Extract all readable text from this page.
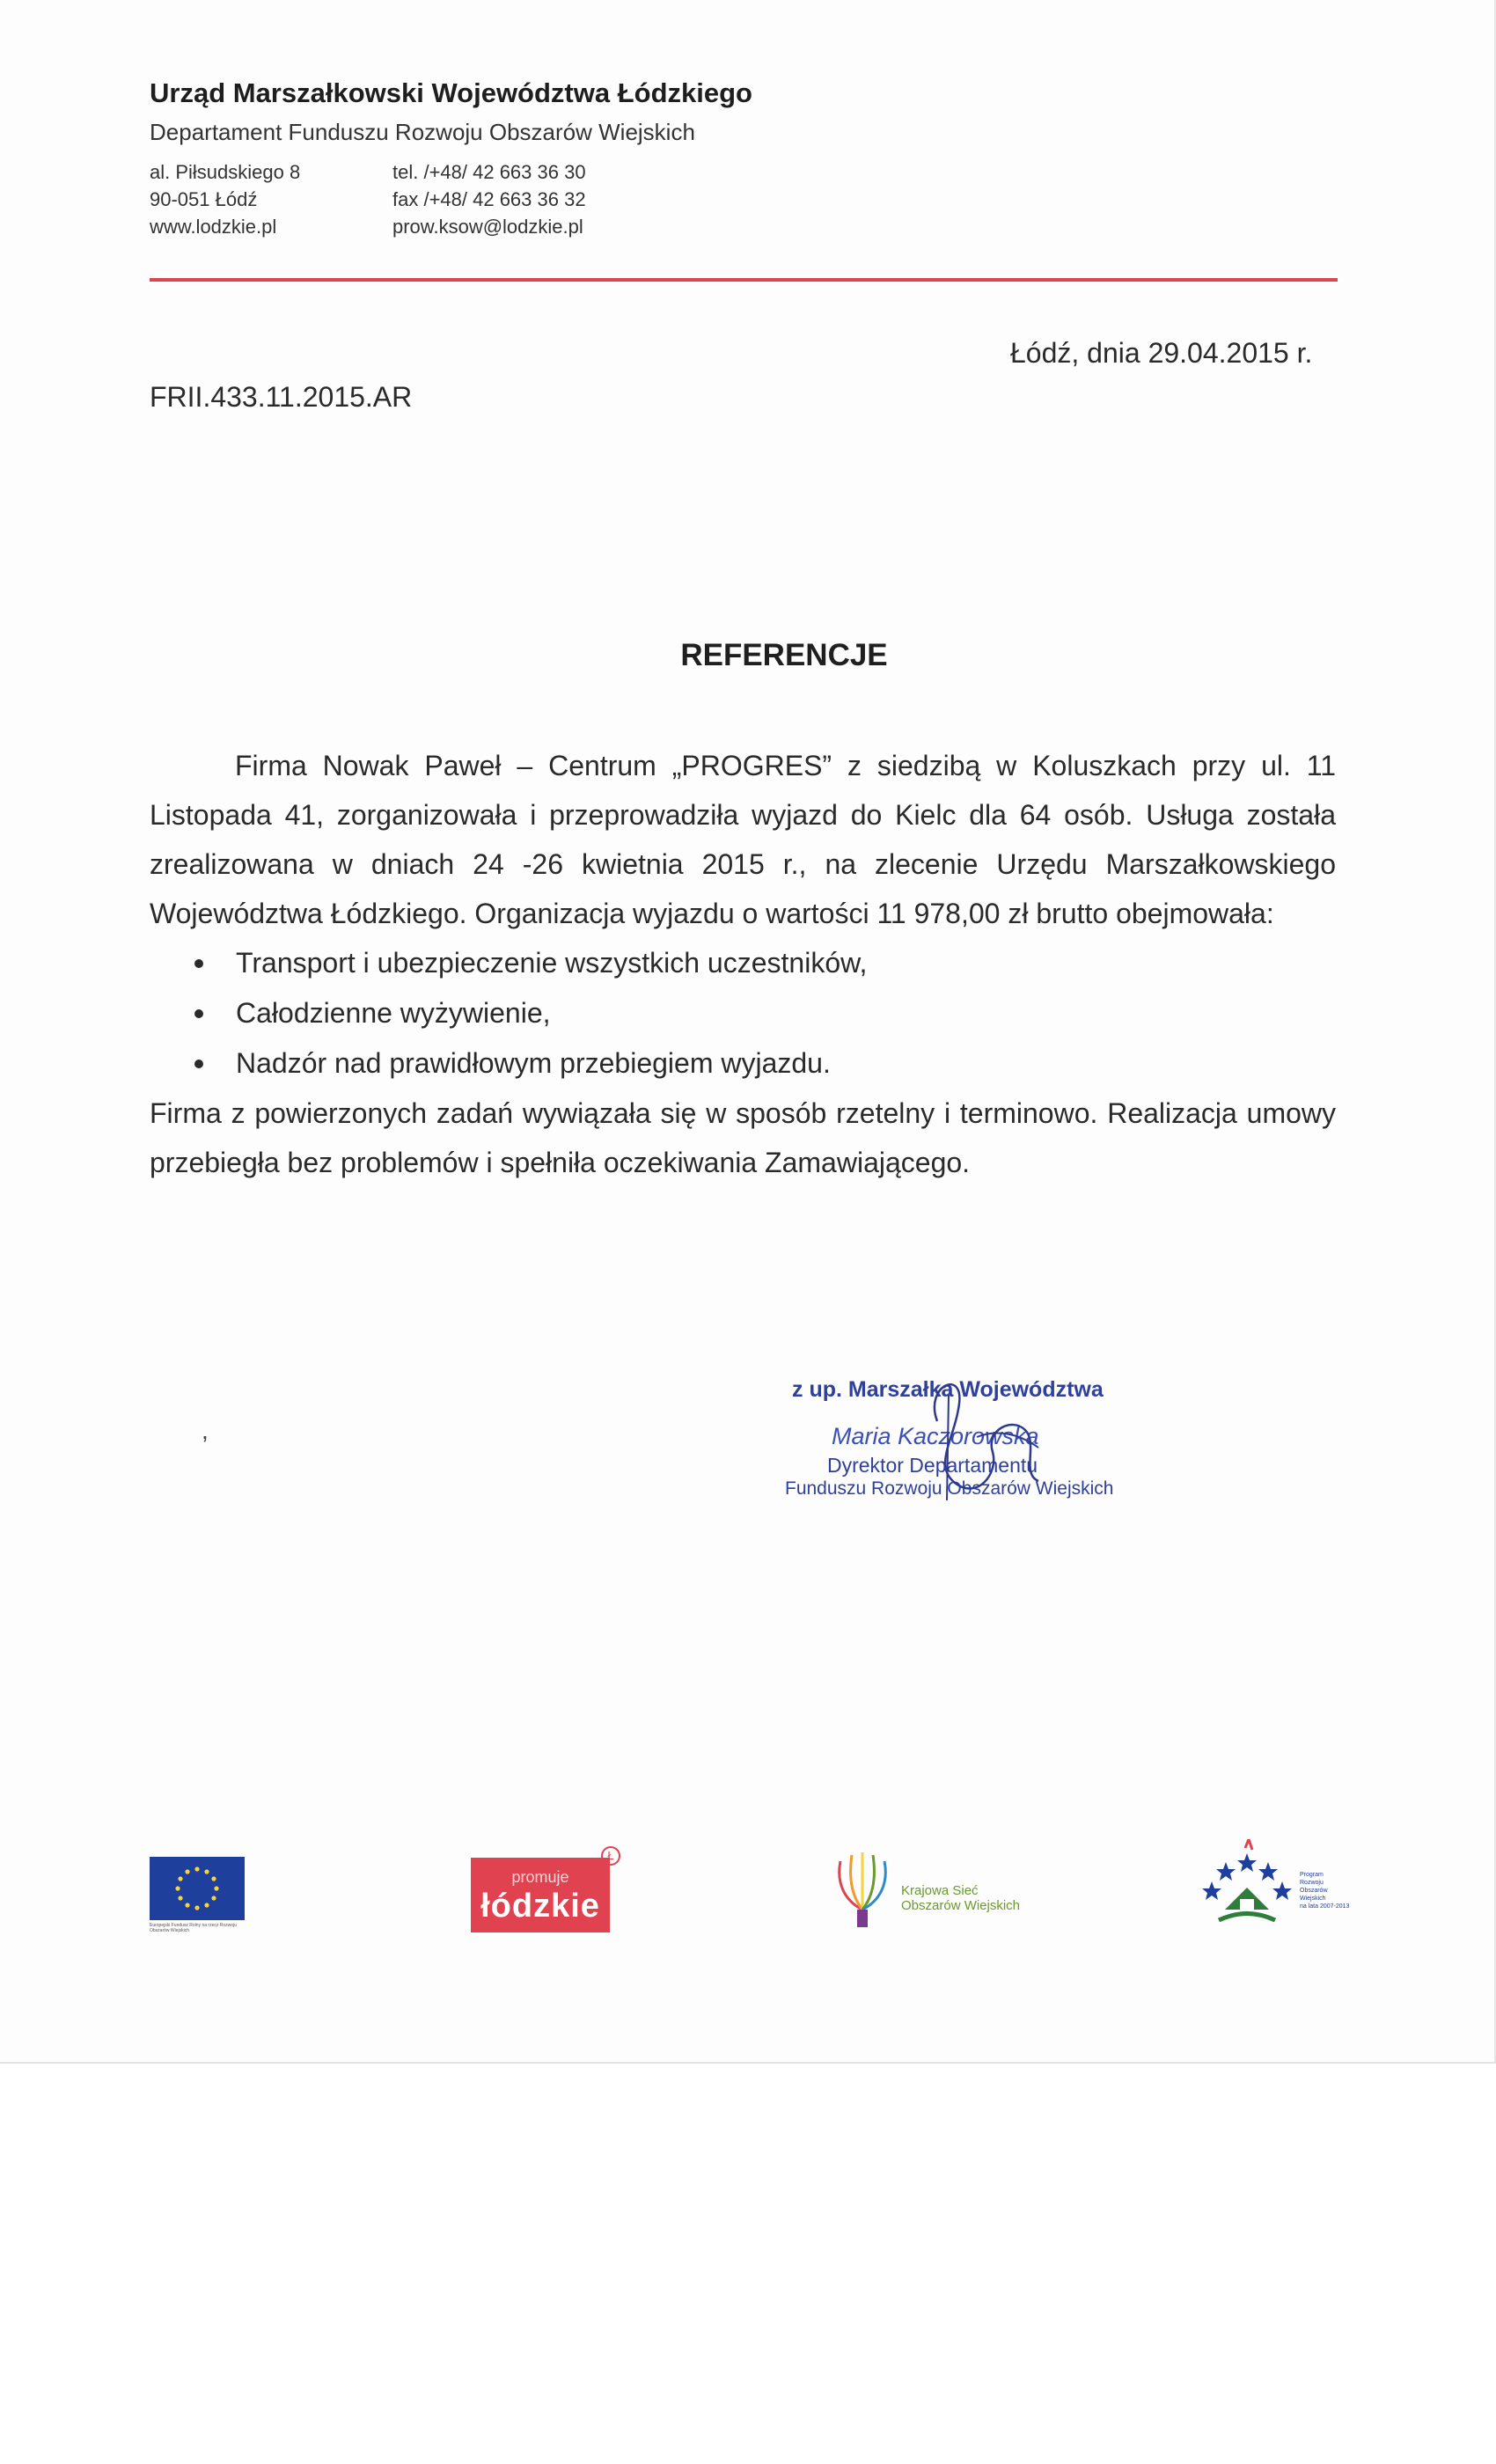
Urząd Marszałkowski Województwa Łódzkiego
Departament Funduszu Rozwoju Obszarów Wiejskich
al. Piłsudskiego 8
90-051 Łódź
www.lodzkie.pl
tel. /+48/ 42 663 36 30
fax /+48/ 42 663 36 32
prow.ksow@lodzkie.pl
Łódź, dnia 29.04.2015 r.
FRII.433.11.2015.AR
REFERENCJE

Firma Nowak Paweł – Centrum „PROGRES” z siedzibą w Koluszkach przy ul. 11 Listopada 41, zorganizowała i przeprowadziła wyjazd do Kielc dla 64 osób. Usługa została zrealizowana w dniach 24 -26 kwietnia 2015 r., na zlecenie Urzędu Marszałkowskiego Województwa Łódzkiego. Organizacja wyjazdu o wartości 11 978,00 zł brutto obejmowała:

Transport i ubezpieczenie wszystkich uczestników,
Całodzienne wyżywienie,
Nadzór nad prawidłowym przebiegiem wyjazdu.

Firma z powierzonych zadań wywiązała się w sposób rzetelny i terminowo. Realizacja umowy przebiegła bez problemów i spełniła oczekiwania Zamawiającego.

,
z up. Marszałka Województwa
Maria Kaczorowska
Dyrektor Departamentu
Funduszu Rozwoju Obszarów Wiejskich
Europejski Fundusz Rolny na rzecz Rozwoju Obszarów Wiejskich
promuje
łódzkie
Ł
Krajowa Sieć
Obszarów Wiejskich
Program
Rozwoju
Obszarów
Wiejskich
na lata 2007-2013
